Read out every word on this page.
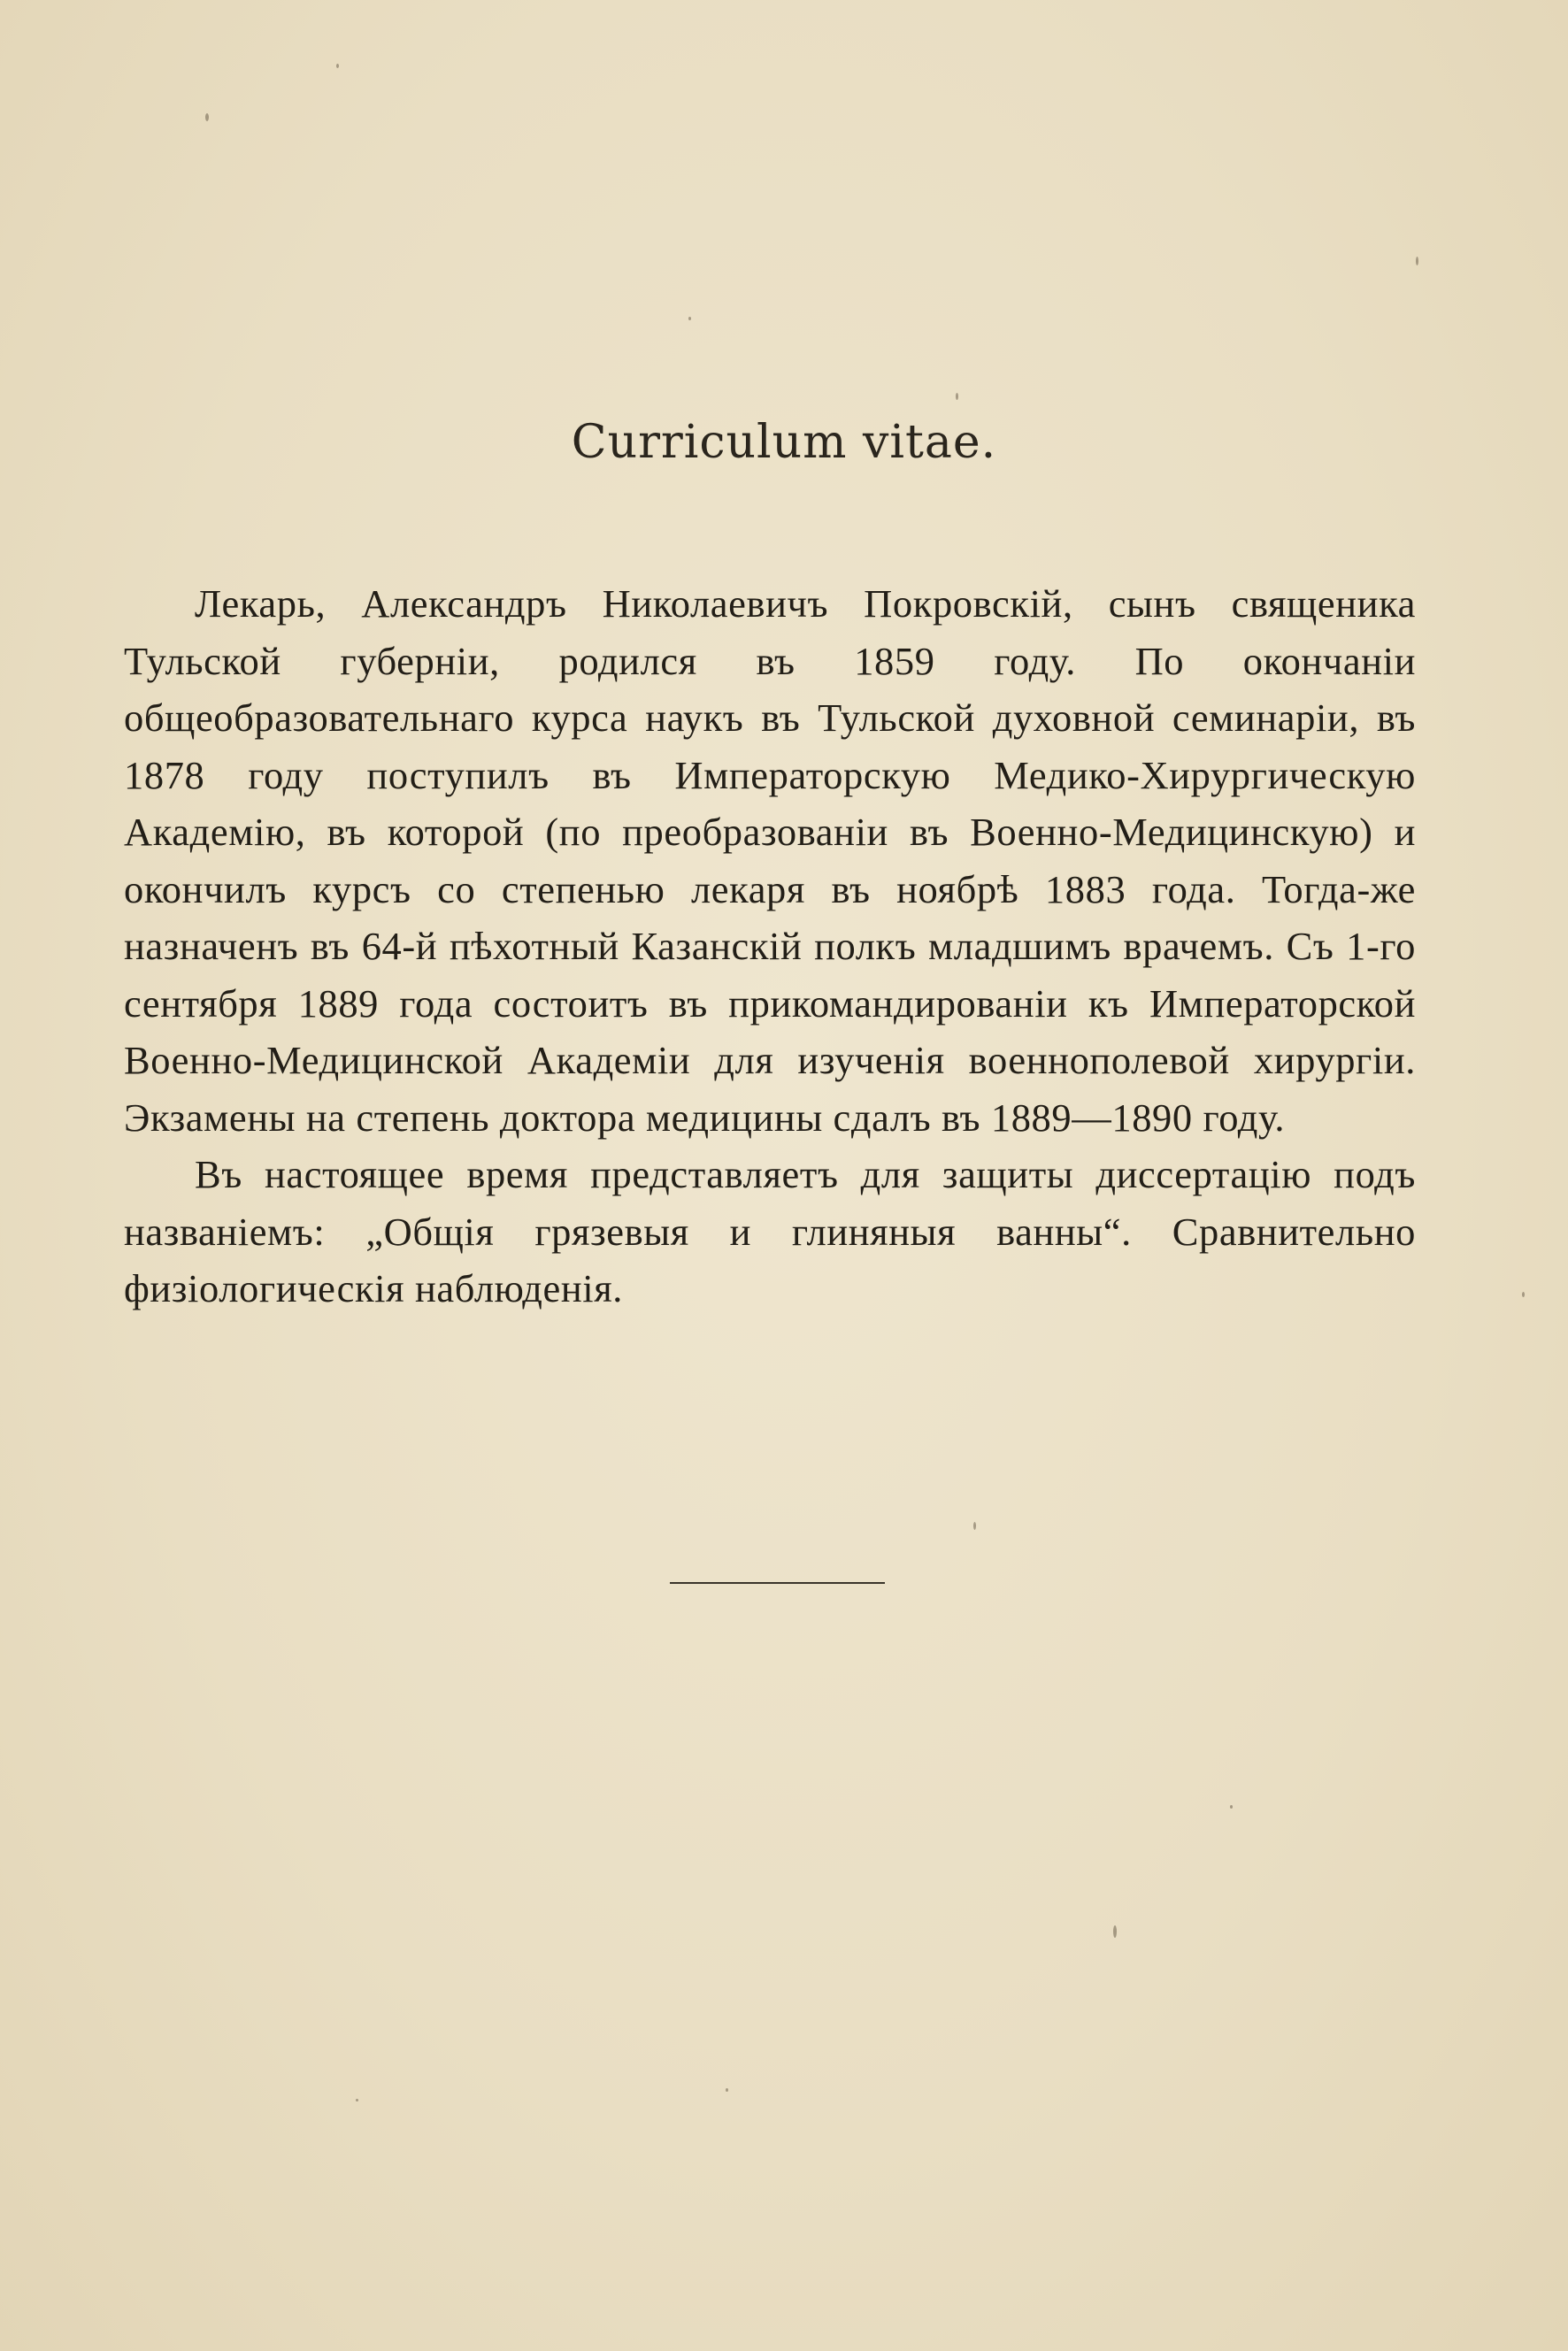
Curriculum vitae.

Лекарь, Александръ Николаевичъ Покровскій, сынъ священика Тульской губерніи, родился въ 1859 году. По окончаніи общеобразовательнаго курса наукъ въ Тульской духовной семинаріи, въ 1878 году поступилъ въ Императорскую Медико-Хирургическую Академію, въ которой (по преобразованіи въ Военно-Медицинскую) и окончилъ курсъ со степенью лекаря въ ноябрѣ 1883 года. Тогда-же назначенъ въ 64-й пѣхотный Казанскій полкъ младшимъ врачемъ. Съ 1-го сентября 1889 года состоитъ въ прикомандированіи къ Императорской Военно-Медицинской Академіи для изученія военнополевой хирургіи. Экзамены на степень доктора медицины сдалъ въ 1889—1890 году.

Въ настоящее время представляетъ для защиты диссертацію подъ названіемъ: „Общія грязевыя и глиняныя ванны“. Сравнительно физіологическія наблюденія.
